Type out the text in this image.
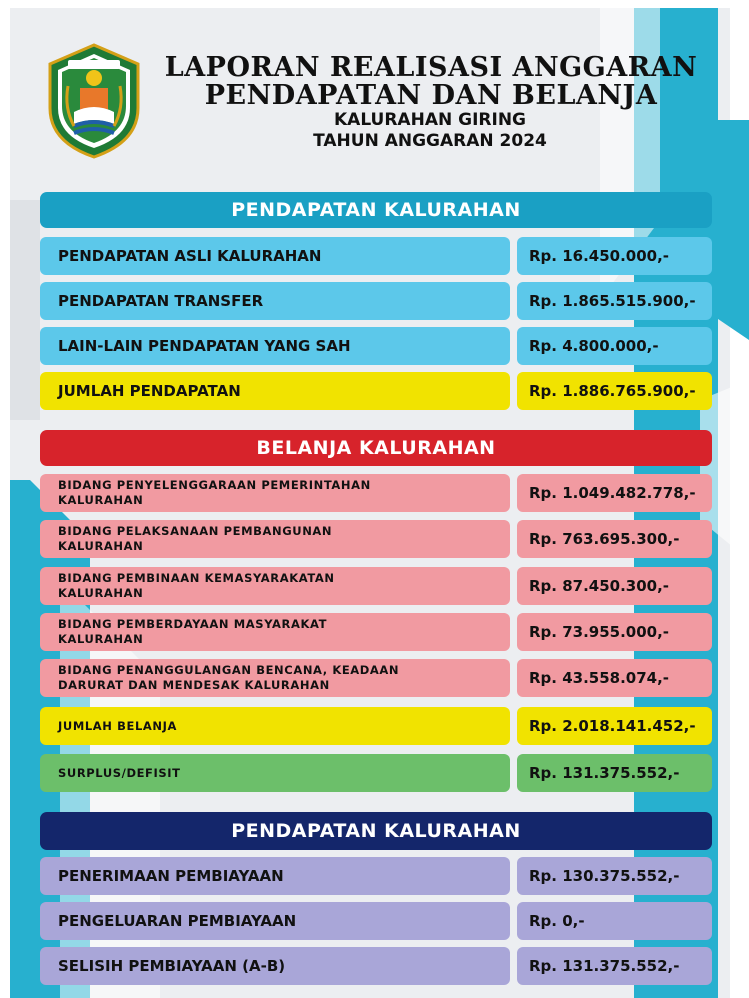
LAPORAN REALISASI ANGGARAN
PENDAPATAN DAN BELANJA
KALURAHAN GIRING
TAHUN ANGGARAN 2024
PENDAPATAN KALURAHAN
PENDAPATAN ASLI KALURAHAN	Rp. 16.450.000,-
PENDAPATAN TRANSFER	Rp. 1.865.515.900,-
LAIN-LAIN PENDAPATAN YANG SAH	Rp. 4.800.000,-
JUMLAH PENDAPATAN	Rp. 1.886.765.900,-
BELANJA KALURAHAN
BIDANG PENYELENGGARAAN PEMERINTAHAN
KALURAHAN	Rp. 1.049.482.778,-
BIDANG PELAKSANAAN PEMBANGUNAN
KALURAHAN	Rp. 763.695.300,-
BIDANG PEMBINAAN KEMASYARAKATAN
KALURAHAN	Rp. 87.450.300,-
BIDANG PEMBERDAYAAN MASYARAKAT
KALURAHAN	Rp. 73.955.000,-
BIDANG PENANGGULANGAN BENCANA, KEADAAN
DARURAT DAN MENDESAK KALURAHAN	Rp. 43.558.074,-
JUMLAH BELANJA	Rp. 2.018.141.452,-
SURPLUS/DEFISIT	Rp. 131.375.552,-
PENDAPATAN KALURAHAN
PENERIMAAN PEMBIAYAAN	Rp. 130.375.552,-
PENGELUARAN PEMBIAYAAN	Rp. 0,-
SELISIH PEMBIAYAAN (A-B)	Rp. 131.375.552,-
